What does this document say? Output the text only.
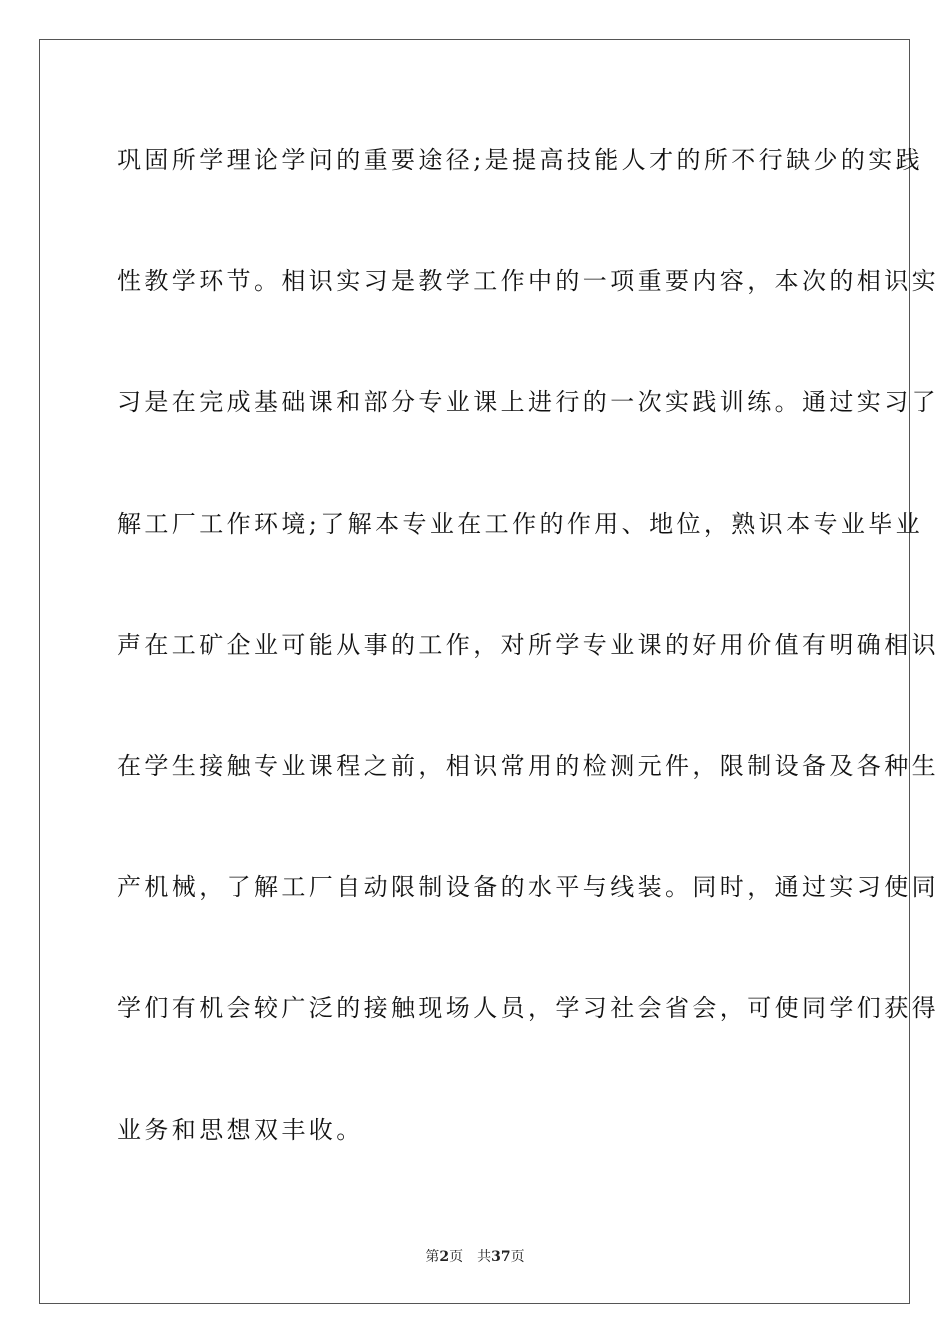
巩固所学理论学问的重要途径;是提高技能人才的所不行缺少的实践
性教学环节。相识实习是教学工作中的一项重要内容，本次的相识实
习是在完成基础课和部分专业课上进行的一次实践训练。通过实习了
解工厂工作环境;了解本专业在工作的作用、地位，熟识本专业毕业
声在工矿企业可能从事的工作，对所学专业课的好用价值有明确相识
在学生接触专业课程之前，相识常用的检测元件，限制设备及各种生
产机械，了解工厂自动限制设备的水平与线装。同时，通过实习使同
学们有机会较广泛的接触现场人员，学习社会省会，可使同学们获得
业务和思想双丰收。
第2页 共37页
